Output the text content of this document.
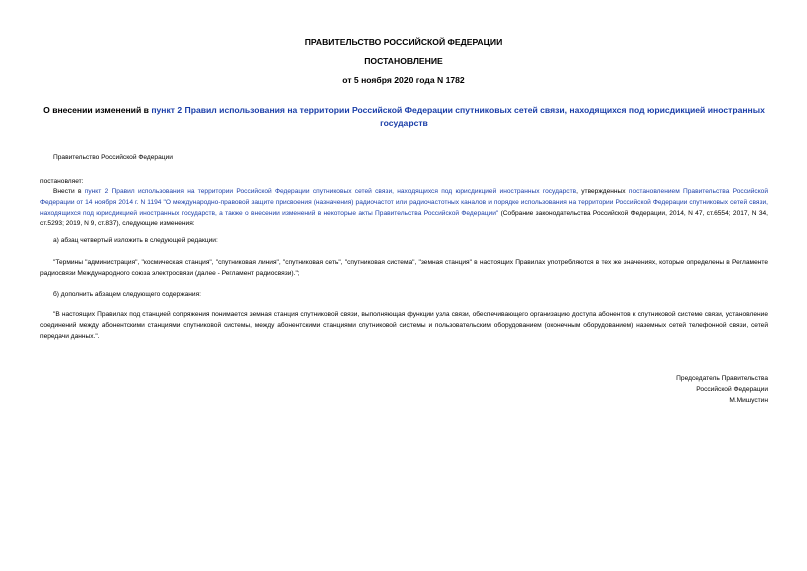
ПРАВИТЕЛЬСТВО РОССИЙСКОЙ ФЕДЕРАЦИИ
ПОСТАНОВЛЕНИЕ
от 5 ноября 2020 года N 1782
О внесении изменений в пункт 2 Правил использования на территории Российской Федерации спутниковых сетей связи, находящихся под юрисдикцией иностранных государств
Правительство Российской Федерации
постановляет:
Внести в пункт 2 Правил использования на территории Российской Федерации спутниковых сетей связи, находящихся под юрисдикцией иностранных государств, утвержденных постановлением Правительства Российской Федерации от 14 ноября 2014 г. N 1194 "О международно-правовой защите присвоения (назначения) радиочастот или радиочастотных каналов и порядке использования на территории Российской Федерации спутниковых сетей связи, находящихся под юрисдикцией иностранных государств, а также о внесении изменений в некоторые акты Правительства Российской Федерации" (Собрание законодательства Российской Федерации, 2014, N 47, ст.6554; 2017, N 34, ст.5293; 2019, N 9, ст.837), следующие изменения:
а) абзац четвертый изложить в следующей редакции:
"Термины "администрация", "космическая станция", "спутниковая линия", "спутниковая сеть", "спутниковая система", "земная станция" в настоящих Правилах употребляются в тех же значениях, которые определены в Регламенте радиосвязи Международного союза электросвязи (далее - Регламент радиосвязи).";
б) дополнить абзацем следующего содержания:
"В настоящих Правилах под станцией сопряжения понимается земная станция спутниковой связи, выполняющая функции узла связи, обеспечивающего организацию доступа абонентов к спутниковой системе связи, установление соединений между абонентскими станциями спутниковой системы, между абонентскими станциями спутниковой системы и пользовательским оборудованием (оконечным оборудованием) наземных сетей телефонной связи, сетей передачи данных.".
Председатель Правительства
Российской Федерации
М.Мишустин
